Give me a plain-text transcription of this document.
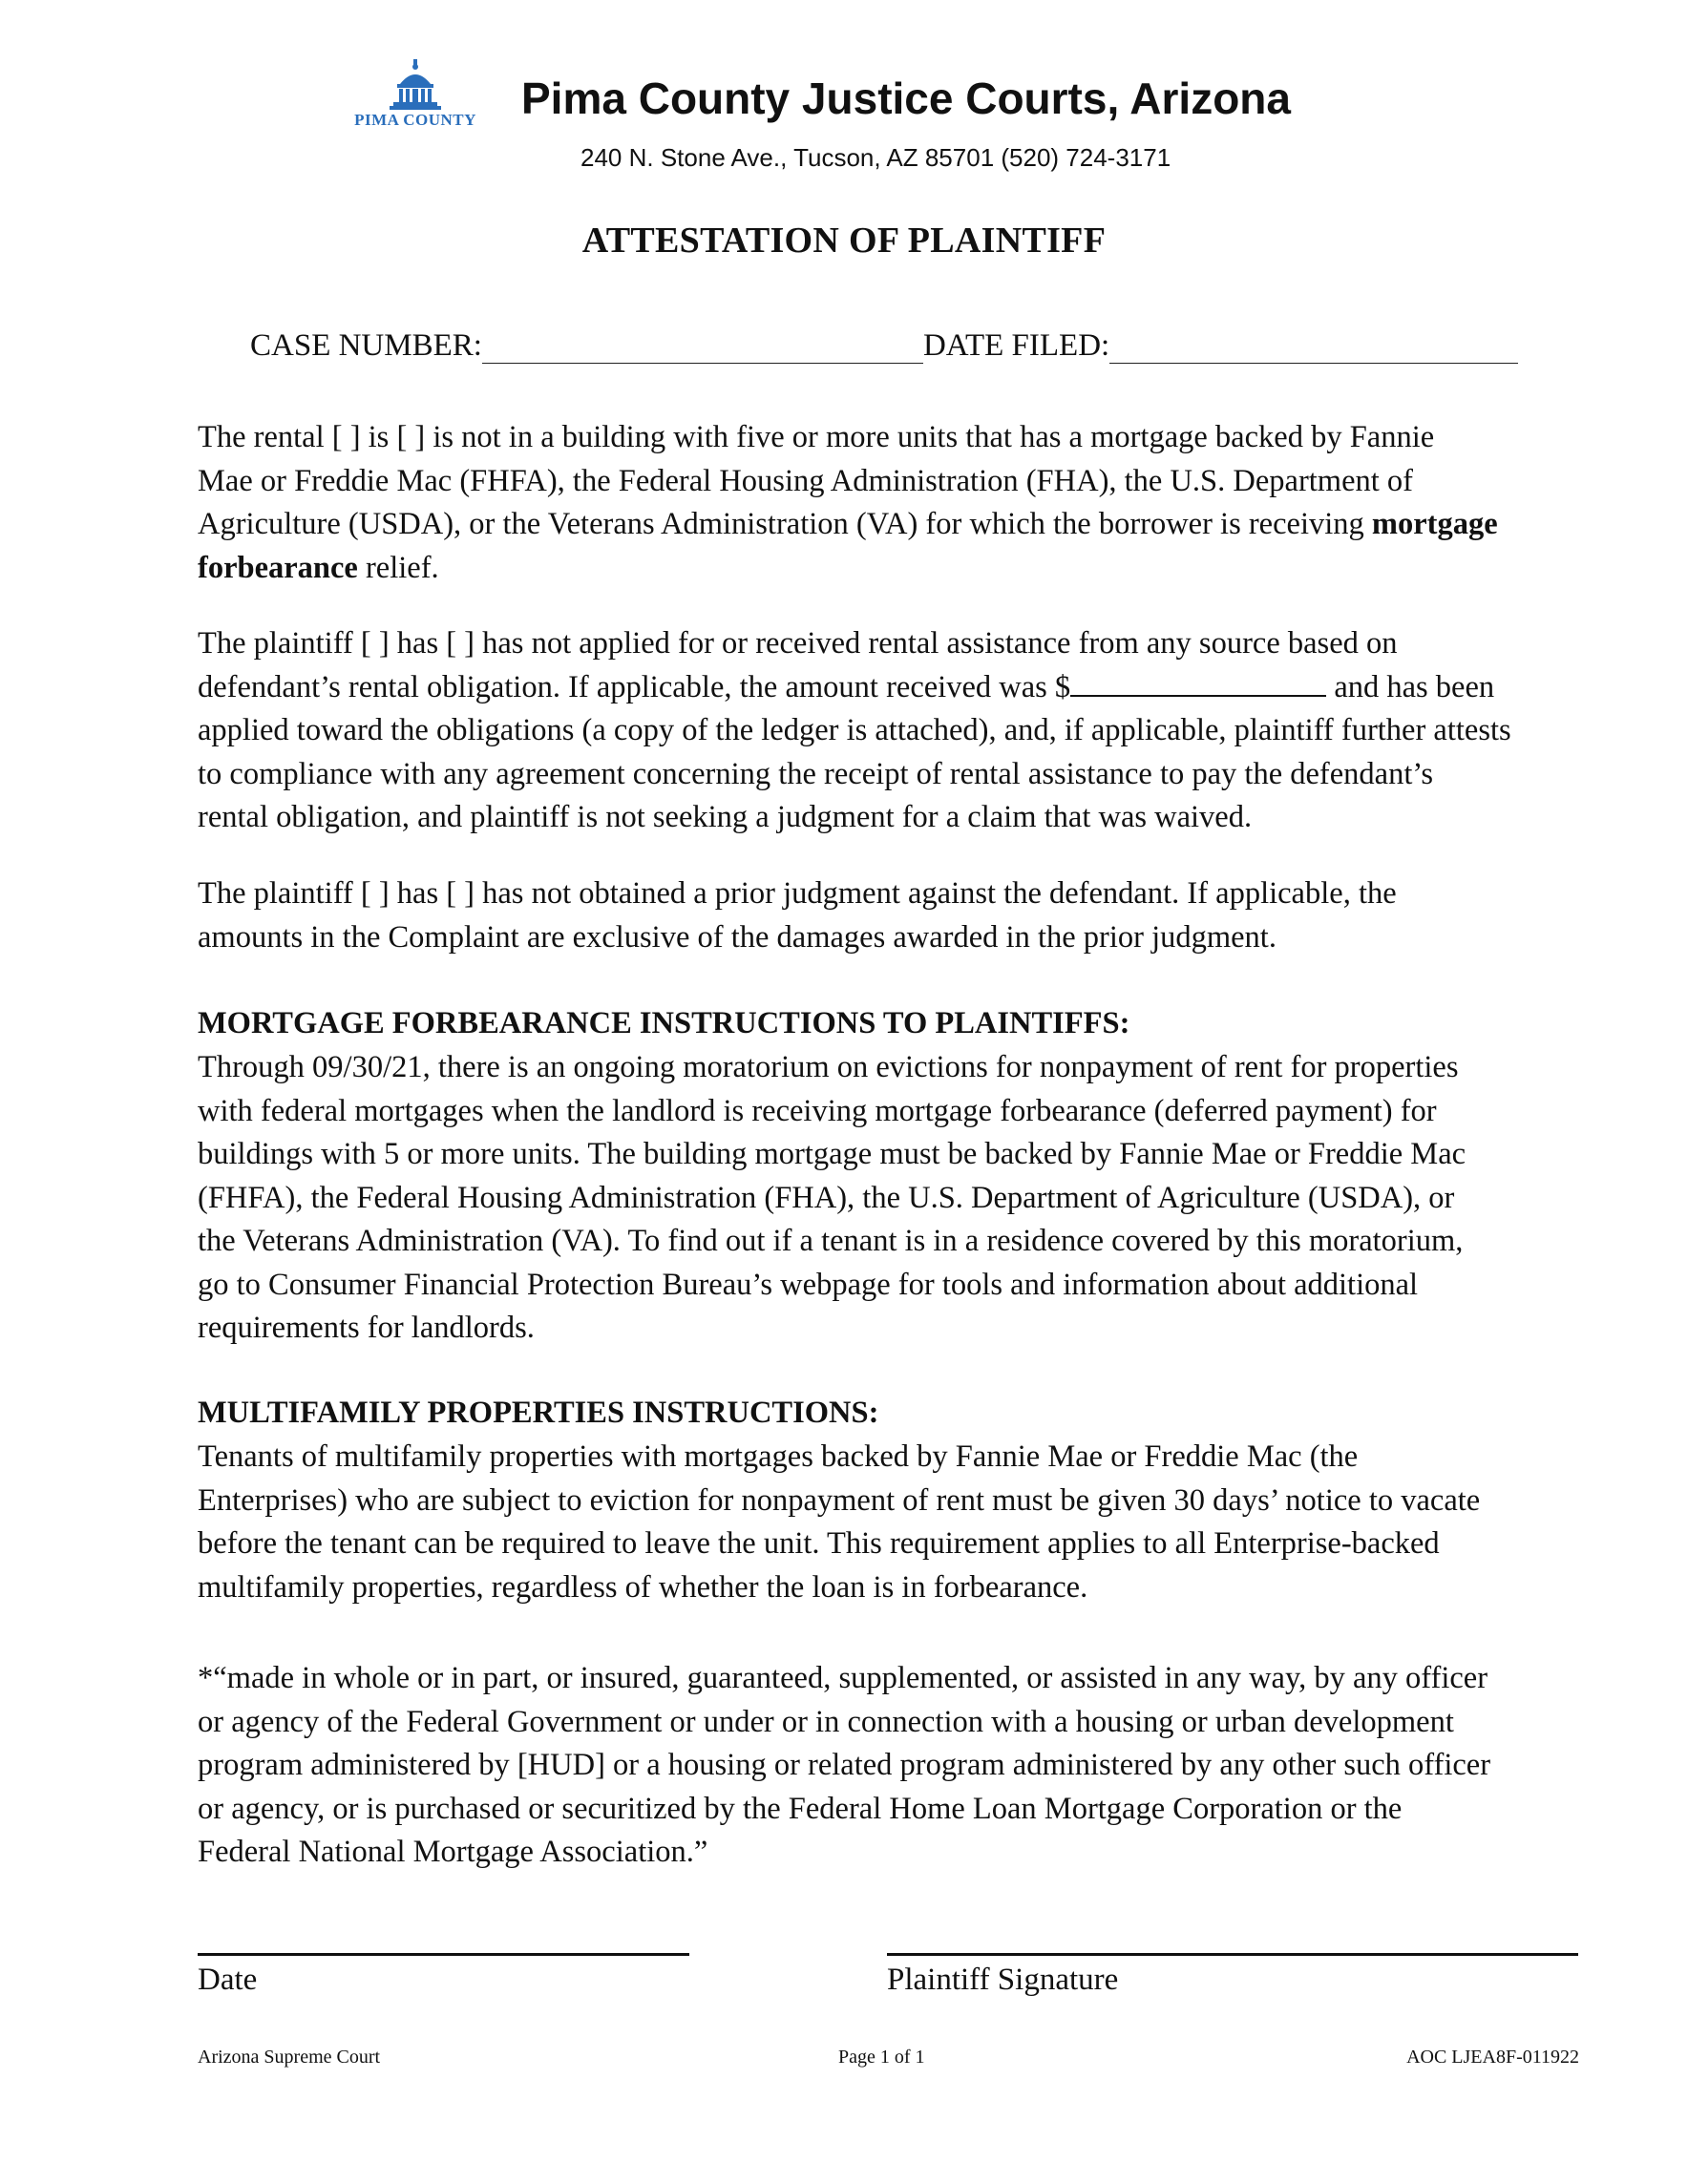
PIMA COUNTY Pima County Justice Courts, Arizona
240 N. Stone Ave., Tucson, AZ 85701 (520) 724-3171
ATTESTATION OF PLAINTIFF
CASE NUMBER:	DATE FILED:
The rental [ ] is [ ] is not in a building with five or more units that has a mortgage backed by Fannie
Mae or Freddie Mac (FHFA), the Federal Housing Administration (FHA), the U.S. Department of
Agriculture (USDA), or the Veterans Administration (VA) for which the borrower is receiving mortgage
forbearance relief.
The plaintiff [ ] has [ ] has not applied for or received rental assistance from any source based on
defendant’s rental obligation. If applicable, the amount received was $	and has been
applied toward the obligations (a copy of the ledger is attached), and, if applicable, plaintiff further attests
to compliance with any agreement concerning the receipt of rental assistance to pay the defendant’s
rental obligation, and plaintiff is not seeking a judgment for a claim that was waived.
The plaintiff [ ] has [ ] has not obtained a prior judgment against the defendant. If applicable, the
amounts in the Complaint are exclusive of the damages awarded in the prior judgment.
MORTGAGE FORBEARANCE INSTRUCTIONS TO PLAINTIFFS:
Through 09/30/21, there is an ongoing moratorium on evictions for nonpayment of rent for properties
with federal mortgages when the landlord is receiving mortgage forbearance (deferred payment) for
buildings with 5 or more units. The building mortgage must be backed by Fannie Mae or Freddie Mac
(FHFA), the Federal Housing Administration (FHA), the U.S. Department of Agriculture (USDA), or
the Veterans Administration (VA). To find out if a tenant is in a residence covered by this moratorium,
go to Consumer Financial Protection Bureau’s webpage for tools and information about additional
requirements for landlords.
MULTIFAMILY PROPERTIES INSTRUCTIONS:
Tenants of multifamily properties with mortgages backed by Fannie Mae or Freddie Mac (the
Enterprises) who are subject to eviction for nonpayment of rent must be given 30 days’ notice to vacate
before the tenant can be required to leave the unit. This requirement applies to all Enterprise-backed
multifamily properties, regardless of whether the loan is in forbearance.
*“made in whole or in part, or insured, guaranteed, supplemented, or assisted in any way, by any officer
or agency of the Federal Government or under or in connection with a housing or urban development
program administered by [HUD] or a housing or related program administered by any other such officer
or agency, or is purchased or securitized by the Federal Home Loan Mortgage Corporation or the
Federal National Mortgage Association.”
Date	Plaintiff Signature
Arizona Supreme Court	Page 1 of 1	AOC LJEA8F-011922
